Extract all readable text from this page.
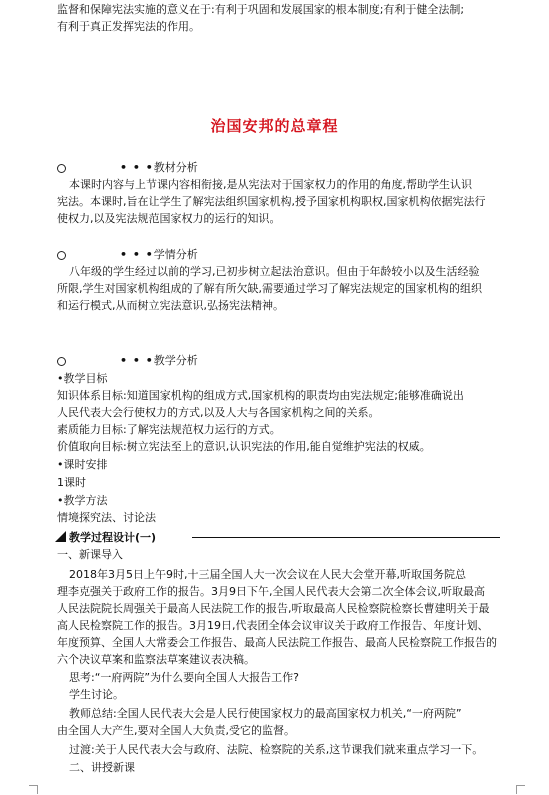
监督和保障宪法实施的意义在于:有利于巩固和发展国家的根本制度;有利于健全法制;
有利于真正发挥宪法的作用。
治国安邦的总章程
• • •教材分析
本课时内容与上节课内容相衔接,是从宪法对于国家权力的作用的角度,帮助学生认识
宪法。本课时,旨在让学生了解宪法组织国家机构,授予国家机构职权,国家机构依据宪法行
使权力,以及宪法规范国家权力的运行的知识。
• • •学情分析
八年级的学生经过以前的学习,已初步树立起法治意识。但由于年龄较小以及生活经验
所限,学生对国家机构组成的了解有所欠缺,需要通过学习了解宪法规定的国家机构的组织
和运行模式,从而树立宪法意识,弘扬宪法精神。
• • •教学分析
•教学目标
知识体系目标:知道国家机构的组成方式,国家机构的职责均由宪法规定;能够准确说出
人民代表大会行使权力的方式,以及人大与各国家机构之间的关系。
素质能力目标:了解宪法规范权力运行的方式。
价值取向目标:树立宪法至上的意识,认识宪法的作用,能自觉维护宪法的权威。
•课时安排
1课时
•教学方法
情境探究法、讨论法
教学过程设计(一)
一、新课导入
2018年3月5日上午9时,十三届全国人大一次会议在人民大会堂开幕,听取国务院总
理李克强关于政府工作的报告。3月9日下午,全国人民代表大会第二次全体会议,听取最高
人民法院院长周强关于最高人民法院工作的报告,听取最高人民检察院检察长曹建明关于最
高人民检察院工作的报告。3月19日,代表团全体会议审议关于政府工作报告、年度计划、
年度预算、全国人大常委会工作报告、最高人民法院工作报告、最高人民检察院工作报告的
六个决议草案和监察法草案建议表决稿。
思考:“一府两院”为什么要向全国人大报告工作?
学生讨论。
教师总结:全国人民代表大会是人民行使国家权力的最高国家权力机关,“一府两院”
由全国人大产生,要对全国人大负责,受它的监督。
过渡:关于人民代表大会与政府、法院、检察院的关系,这节课我们就来重点学习一下。
二、讲授新课
